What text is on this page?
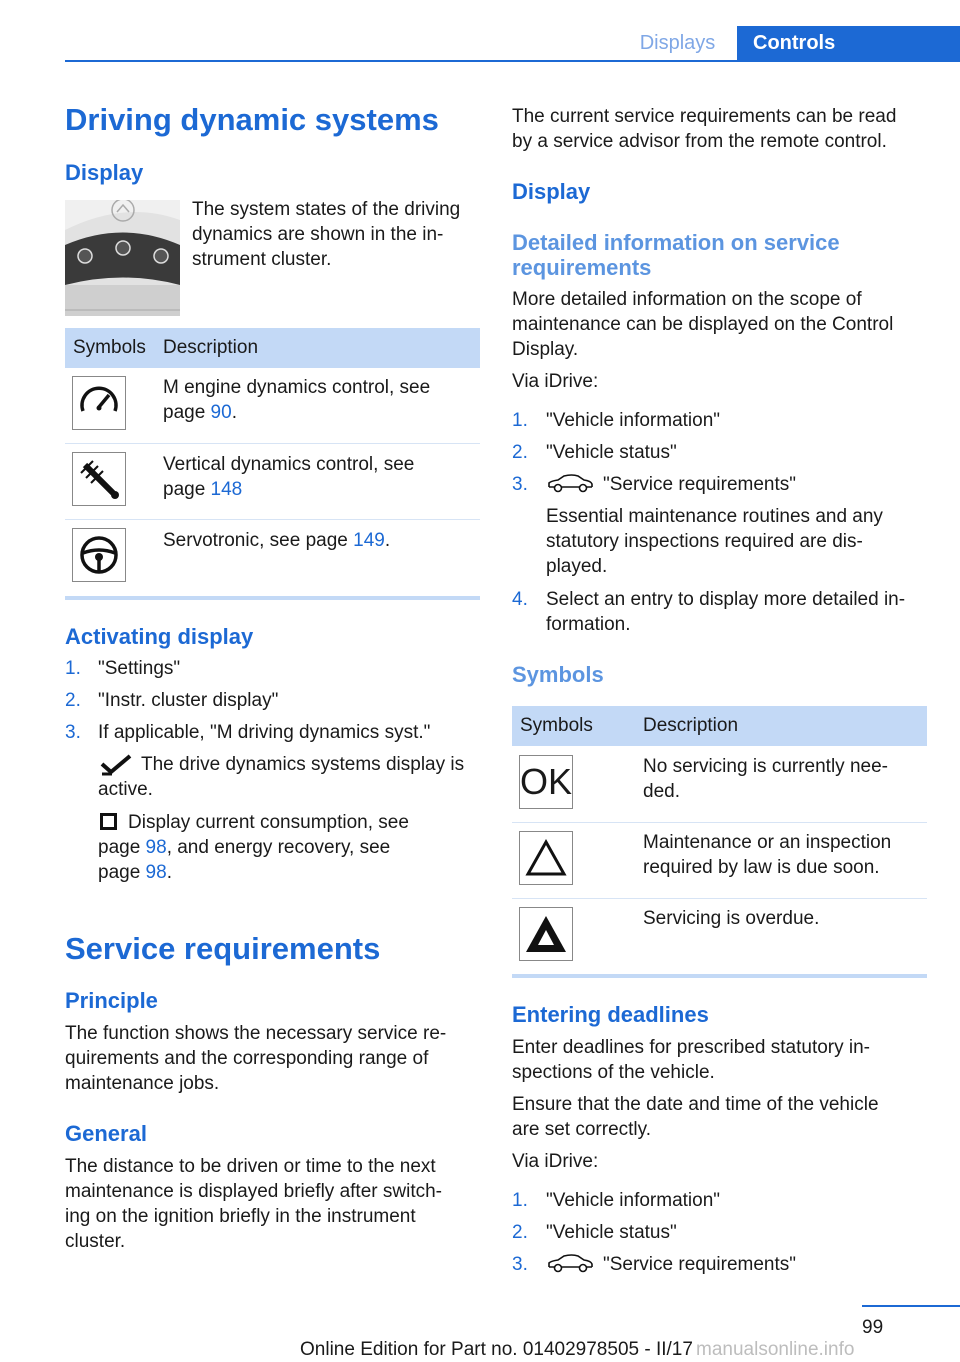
Displays	Controls
Driving dynamic systems
Display
The system states of the driving
dynamics are shown in the in-
strument cluster.
Symbols Description
M engine dynamics control, see
page 90.
Vertical dynamics control, see
page 148
Servotronic, see page 149.
Activating display
1. "Settings"
2. "Instr. cluster display"
3. If applicable, "M driving dynamics syst."
The drive dynamics systems display is
active.
Display current consumption, see
page 98, and energy recovery, see
page 98.
Service requirements
Principle
The function shows the necessary service re-
quirements and the corresponding range of
maintenance jobs.
General
The distance to be driven or time to the next
maintenance is displayed briefly after switch-
ing on the ignition briefly in the instrument
cluster.
The current service requirements can be read
by a service advisor from the remote control.
Display
Detailed information on service
requirements
More detailed information on the scope of
maintenance can be displayed on the Control
Display.
Via iDrive:
1. "Vehicle information"
2. "Vehicle status"
3.	"Service requirements"
Essential maintenance routines and any
statutory inspections required are dis-
played.
4. Select an entry to display more detailed in-
formation.
Symbols
Symbols	Description
OK	No servicing is currently nee-
ded.
Maintenance or an inspection
required by law is due soon.
Servicing is overdue.
Entering deadlines
Enter deadlines for prescribed statutory in-
spections of the vehicle.
Ensure that the date and time of the vehicle
are set correctly.
Via iDrive:
1. "Vehicle information"
2. "Vehicle status"
3.	"Service requirements"
99
Online Edition for Part no. 01402978505 - II/17 manualsonline.info
